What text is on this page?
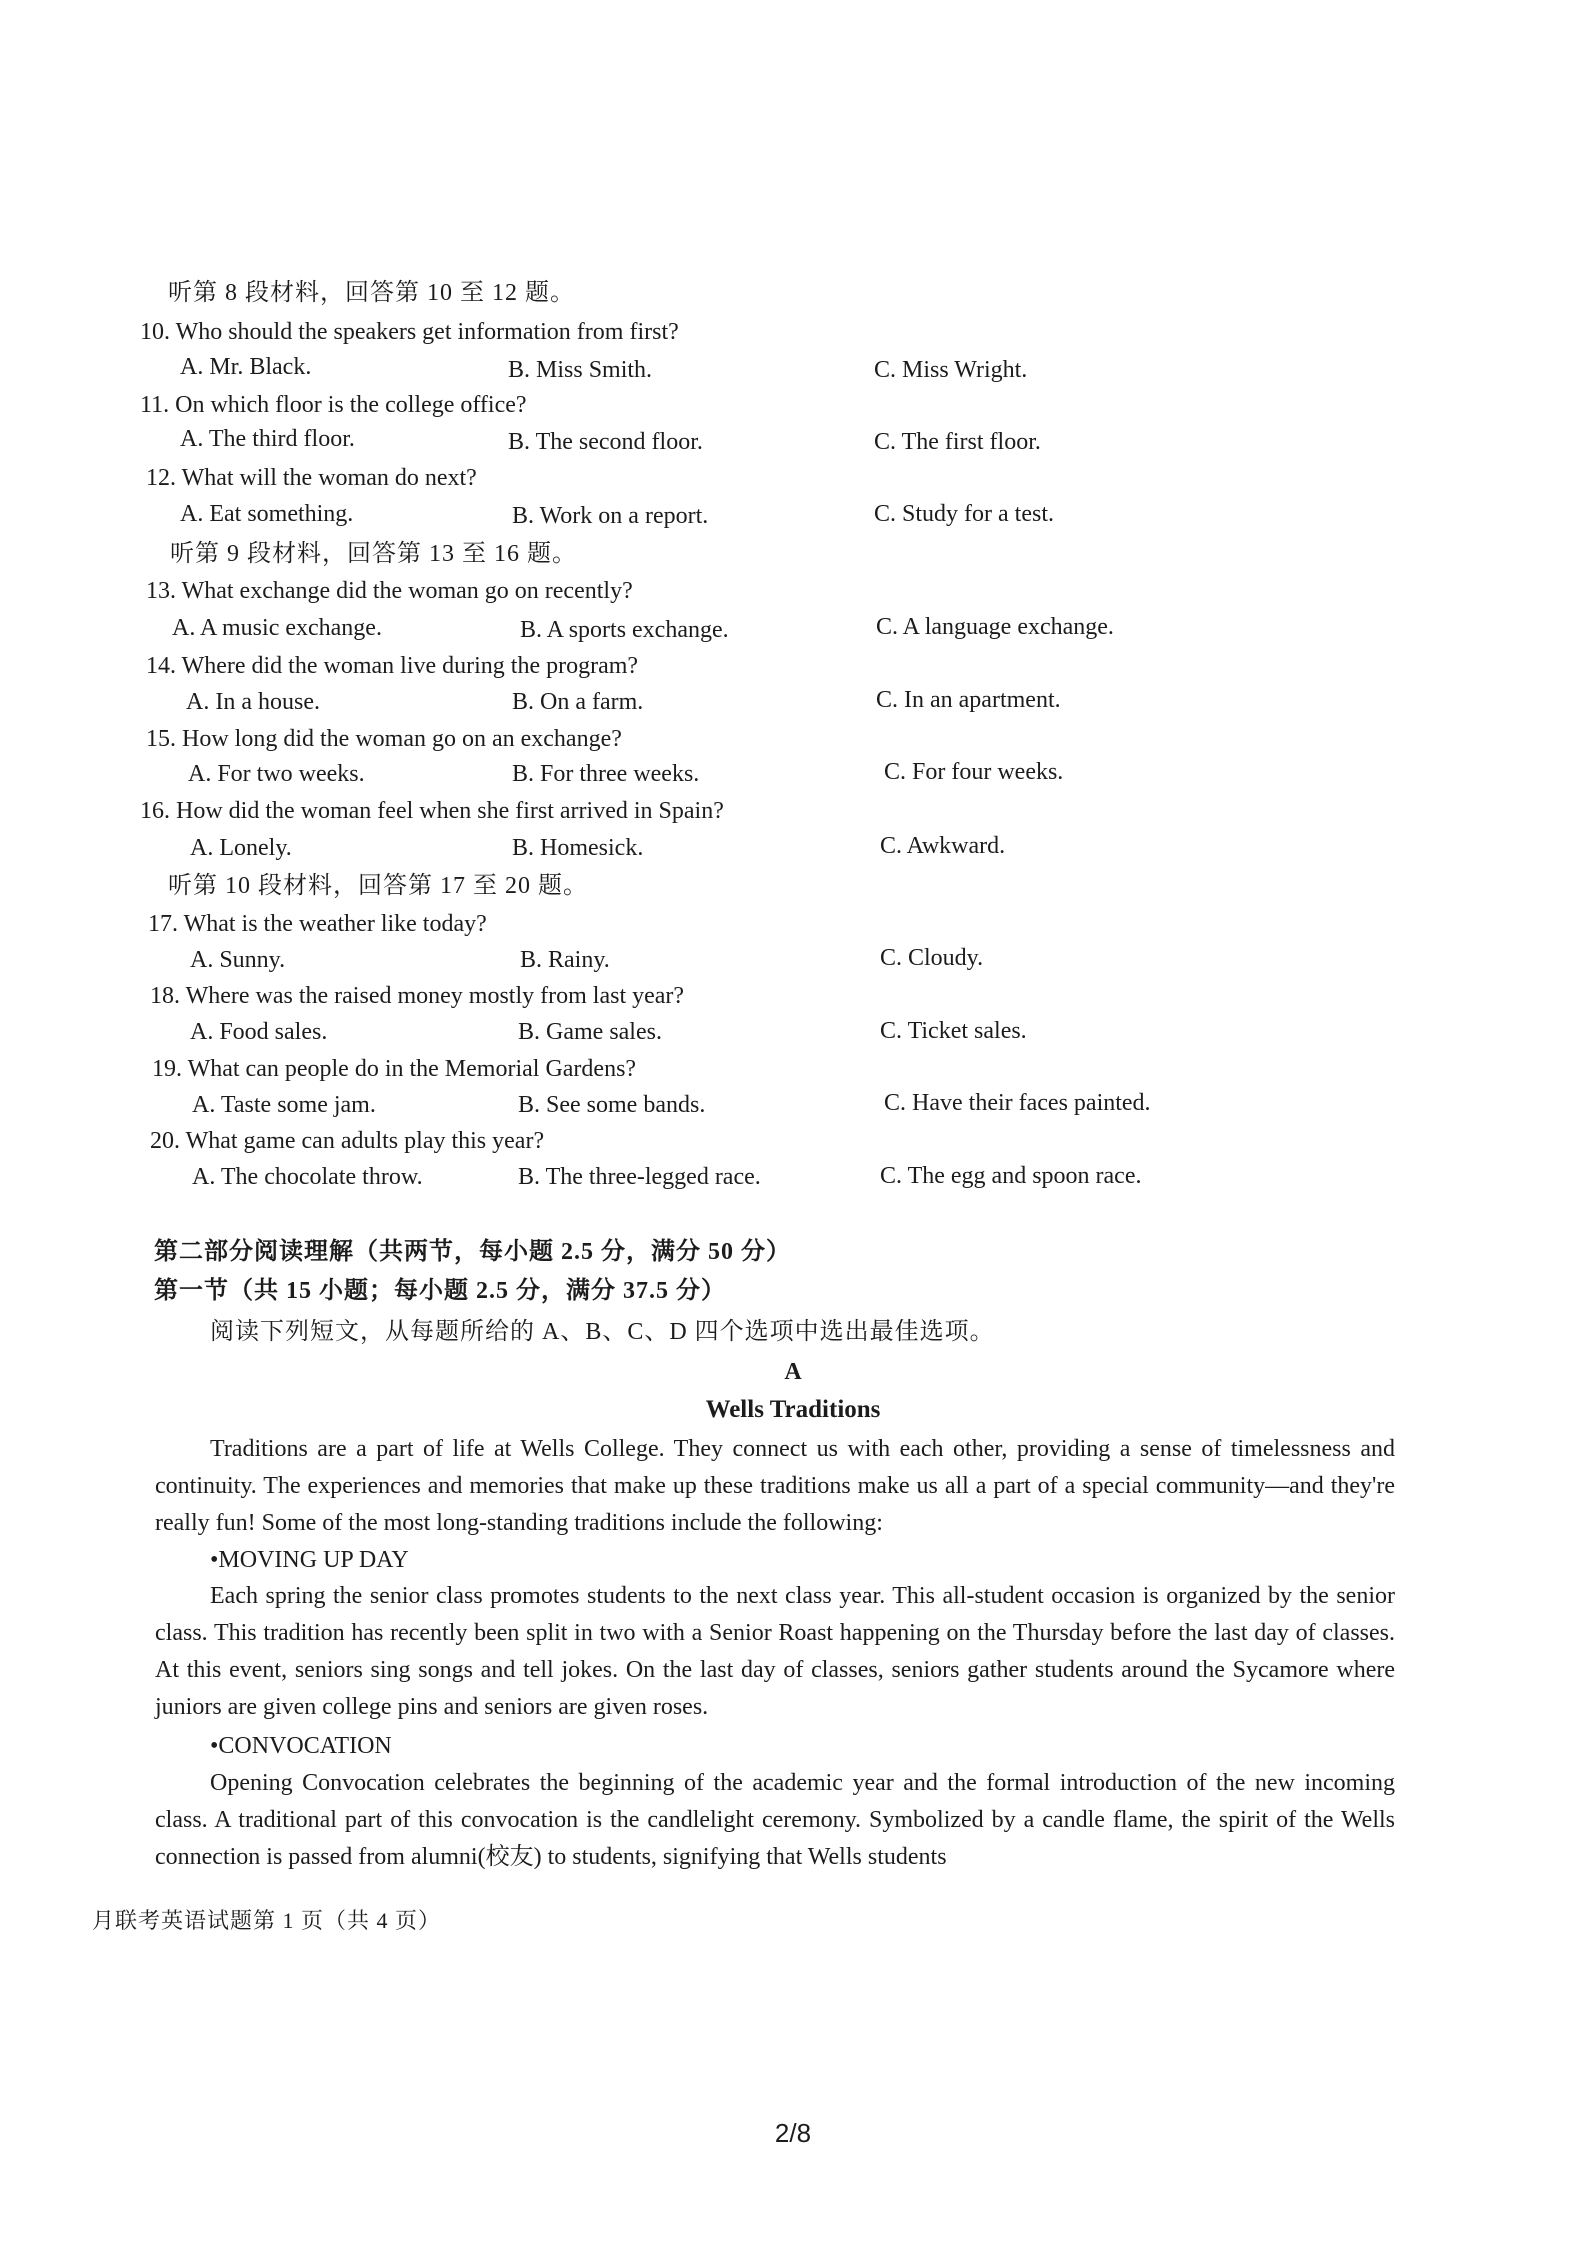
听第 8 段材料，回答第 10 至 12 题。
10. Who should the speakers get information from first?
A. Mr. Black.	B. Miss Smith.	C. Miss Wright.
11. On which floor is the college office?
A. The third floor.	B. The second floor.	C. The first floor.
12. What will the woman do next?
A. Eat something.	B. Work on a report.	C. Study for a test.
听第 9 段材料，回答第 13 至 16 题。
13. What exchange did the woman go on recently?
A. A music exchange.	B. A sports exchange.	C. A language exchange.
14. Where did the woman live during the program?
A. In a house.	B. On a farm.	C. In an apartment.
15. How long did the woman go on an exchange?
A. For two weeks.	B. For three weeks.	C. For four weeks.
16. How did the woman feel when she first arrived in Spain?
A. Lonely.	B. Homesick.	C. Awkward.
听第 10 段材料，回答第 17 至 20 题。
17. What is the weather like today?
A. Sunny.	B. Rainy.	C. Cloudy.
18. Where was the raised money mostly from last year?
A. Food sales.	B. Game sales.	C. Ticket sales.
19. What can people do in the Memorial Gardens?
A. Taste some jam.	B. See some bands.	C. Have their faces painted.
20. What game can adults play this year?
A. The chocolate throw.	B. The three-legged race.	C. The egg and spoon race.
第二部分阅读理解（共两节，每小题 2.5 分，满分 50 分）
第一节（共 15 小题；每小题 2.5 分，满分 37.5 分）
阅读下列短文，从每题所给的 A、B、C、D 四个选项中选出最佳选项。
A
Wells Traditions
Traditions are a part of life at Wells College. They connect us with each other, providing a sense of timelessness and continuity. The experiences and memories that make up these traditions make us all a part of a special community—and they're really fun! Some of the most long-standing traditions include the following:
•MOVING UP DAY
Each spring the senior class promotes students to the next class year. This all-student occasion is organized by the senior class. This tradition has recently been split in two with a Senior Roast happening on the Thursday before the last day of classes. At this event, seniors sing songs and tell jokes. On the last day of classes, seniors gather students around the Sycamore where juniors are given college pins and seniors are given roses.
•CONVOCATION
Opening Convocation celebrates the beginning of the academic year and the formal introduction of the new incoming class. A traditional part of this convocation is the candlelight ceremony. Symbolized by a candle flame, the spirit of the Wells connection is passed from alumni(校友) to students, signifying that Wells students
月联考英语试题第 1 页（共 4 页）
2/8
